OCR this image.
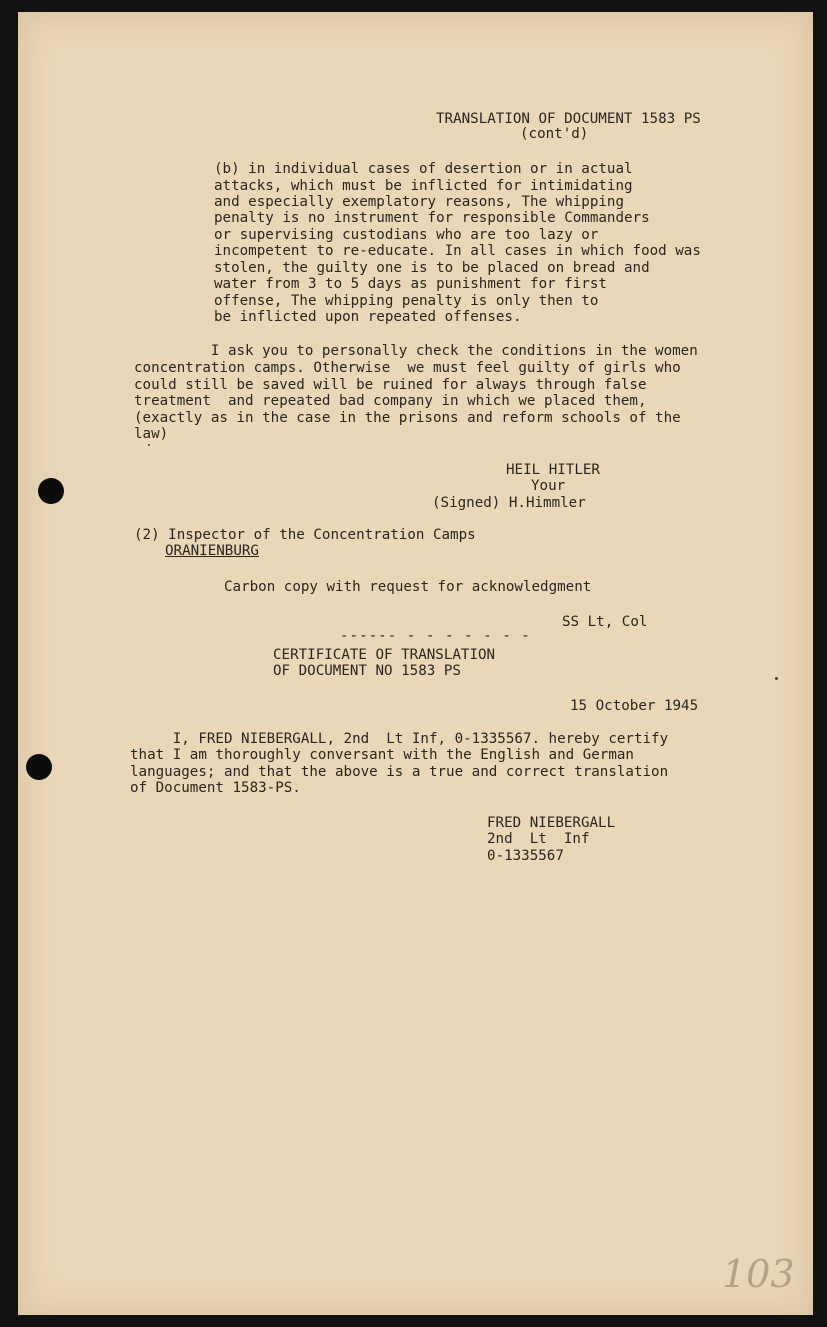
TRANSLATION OF DOCUMENT 1583 PS
(cont'd)
(b) in individual cases of desertion or in actual
attacks, which must be inflicted for intimidating
and especially exemplatory reasons, The whipping
penalty is no instrument for responsible Commanders
or supervising custodians who are too lazy or
incompetent to re-educate. In all cases in which food was
stolen, the guilty one is to be placed on bread and
water from 3 to 5 days as punishment for first
offense, The whipping penalty is only then to
be inflicted upon repeated offenses.
I ask you to personally check the conditions in the women
concentration camps. Otherwise  we must feel guilty of girls who
could still be saved will be ruined for always through false
treatment  and repeated bad company in which we placed them,
(exactly as in the case in the prisons and reform schools of the
law)
HEIL HITLER
Your
(Signed) H.Himmler
(2) Inspector of the Concentration Camps
ORANIENBURG
Carbon copy with request for acknowledgment
SS Lt, Col
------ - - - - - - -
CERTIFICATE OF TRANSLATION
OF DOCUMENT NO 1583 PS
15 October 1945
I, FRED NIEBERGALL, 2nd  Lt Inf, 0-1335567. hereby certify
that I am thoroughly conversant with the English and German
languages; and that the above is a true and correct translation
of Document 1583-PS.
FRED NIEBERGALL
2nd  Lt  Inf
0-1335567
103
